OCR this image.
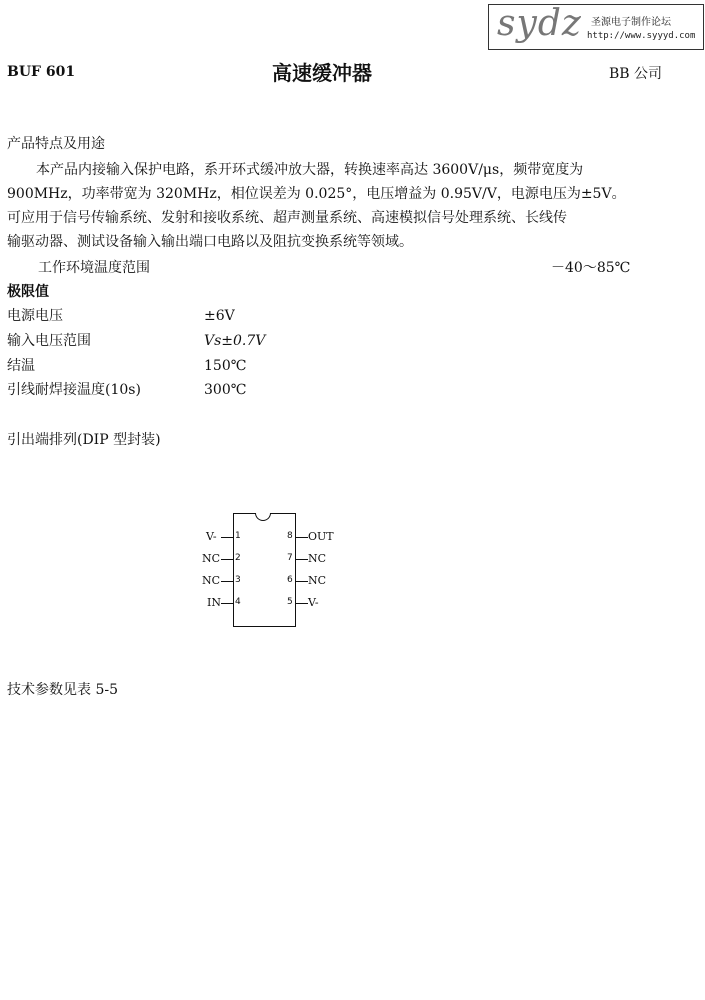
sydz 圣源电子制作论坛
http://www.syyyd.com
BUF 601	高速缓冲器	BB 公司
产品特点及用途
本产品内接输入保护电路，系开环式缓冲放大器，转换速率高达 3600V/μs，频带宽度为
900MHz，功率带宽为 320MHz，相位误差为 0.025°，电压增益为 0.95V/V，电源电压为±5V。
可应用于信号传输系统、发射和接收系统、超声测量系统、高速模拟信号处理系统、长线传
输驱动器、测试设备输入输出端口电路以及阻抗变换系统等领域。
工作环境温度范围	－40～85℃
极限值
电源电压	±6V
输入电压范围	Vs±0.7V
结温	150℃
引线耐焊接温度(10s)	300℃
引出端排列(DIP 型封装)
1
V-
2
NC
3
NC
4
IN
8 OUT
7 NC
6 NC
5 V-
技术参数见表 5-5
